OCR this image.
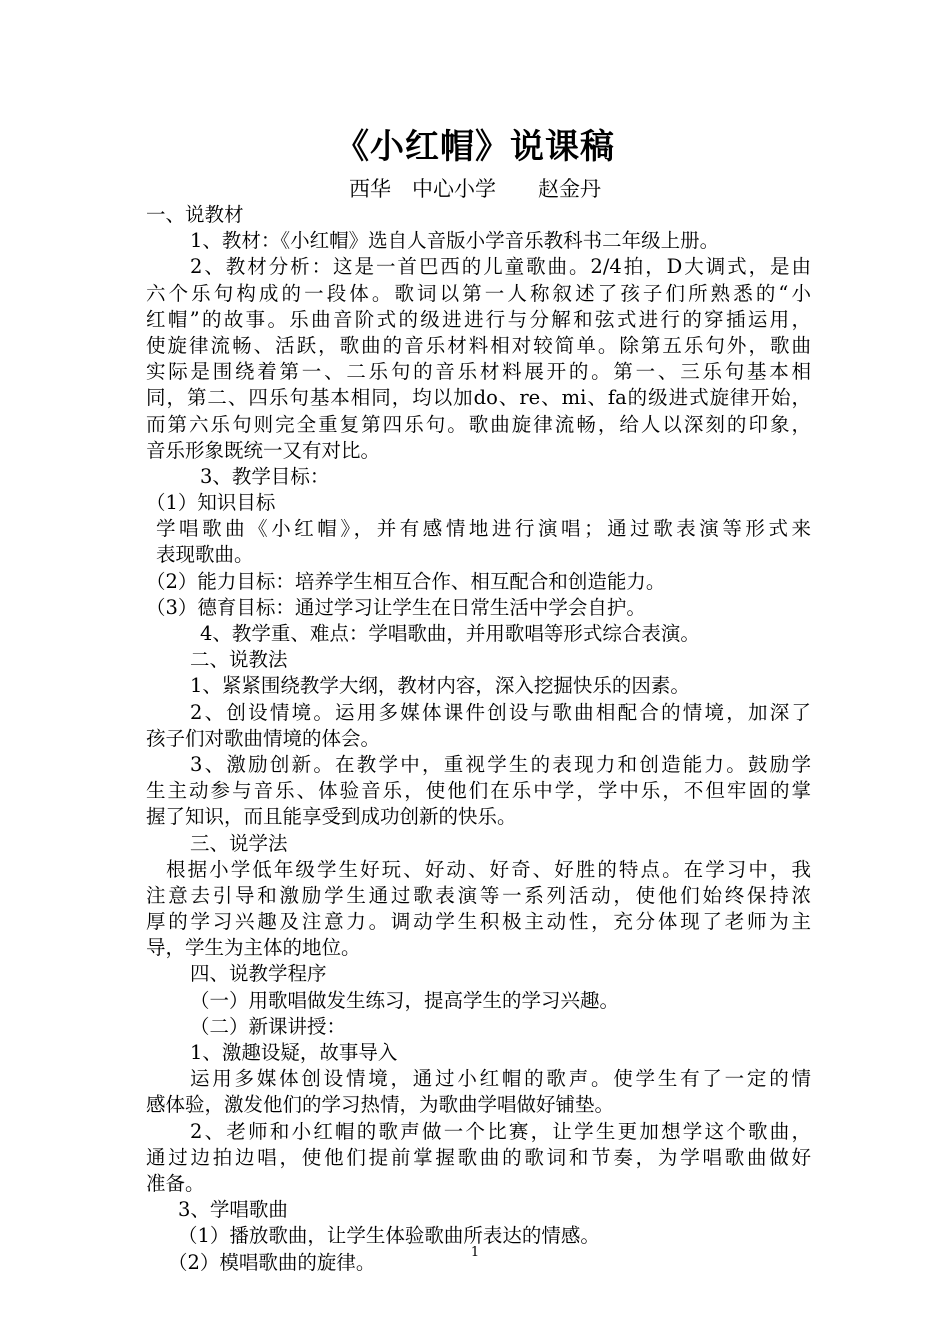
《小红帽》说课稿
西华　中心小学　　赵金丹
一、说教材
1、教材：《小红帽》选自人音版小学音乐教科书二年级上册。
2、教材分析：这是一首巴西的儿童歌曲。2/4拍，D大调式，是由
六个乐句构成的一段体。歌词以第一人称叙述了孩子们所熟悉的“小
红帽”的故事。乐曲音阶式的级进进行与分解和弦式进行的穿插运用，
使旋律流畅、活跃，歌曲的音乐材料相对较简单。除第五乐句外，歌曲
实际是围绕着第一、二乐句的音乐材料展开的。第一、三乐句基本相
同，第二、四乐句基本相同，均以加do、re、mi、fa的级进式旋律开始，
而第六乐句则完全重复第四乐句。歌曲旋律流畅，给人以深刻的印象，
音乐形象既统一又有对比。
3、教学目标：
（1）知识目标
学唱歌曲《小红帽》，并有感情地进行演唱；通过歌表演等形式来
表现歌曲。
（2）能力目标：培养学生相互合作、相互配合和创造能力。
（3）德育目标：通过学习让学生在日常生活中学会自护。
4、教学重、难点：学唱歌曲，并用歌唱等形式综合表演。
二、说教法
1、紧紧围绕教学大纲，教材内容，深入挖掘快乐的因素。
2、创设情境。运用多媒体课件创设与歌曲相配合的情境，加深了
孩子们对歌曲情境的体会。
3、激励创新。在教学中，重视学生的表现力和创造能力。鼓励学
生主动参与音乐、体验音乐，使他们在乐中学，学中乐，不但牢固的掌
握了知识，而且能享受到成功创新的快乐。
三、说学法
根据小学低年级学生好玩、好动、好奇、好胜的特点。在学习中，我
注意去引导和激励学生通过歌表演等一系列活动，使他们始终保持浓
厚的学习兴趣及注意力。调动学生积极主动性，充分体现了老师为主
导，学生为主体的地位。
四、说教学程序
（一）用歌唱做发生练习，提高学生的学习兴趣。
（二）新课讲授：
1、激趣设疑，故事导入
运用多媒体创设情境，通过小红帽的歌声。使学生有了一定的情
感体验，激发他们的学习热情，为歌曲学唱做好铺垫。
2、老师和小红帽的歌声做一个比赛，让学生更加想学这个歌曲，
通过边拍边唱，使他们提前掌握歌曲的歌词和节奏，为学唱歌曲做好
准备。
3、学唱歌曲
（1）播放歌曲，让学生体验歌曲所表达的情感。
（2）模唱歌曲的旋律。	1
